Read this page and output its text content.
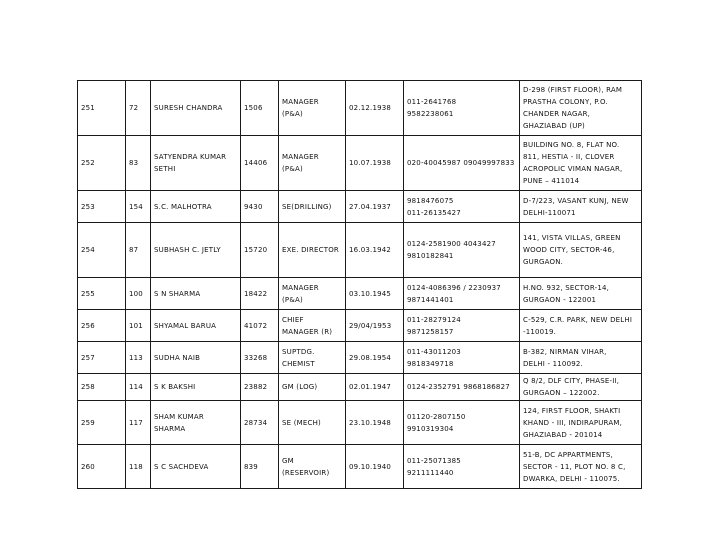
251	72	SURESH CHANDRA	1506	MANAGER
(P&A)	02.12.1938	011-2641768
9582238061	D-298 (FIRST FLOOR), RAM
PRASTHA COLONY, P.O.
CHANDER NAGAR,
GHAZIABAD (UP)
252	83	SATYENDRA KUMAR
SETHI	14406	MANAGER
(P&A)	10.07.1938	020-40045987 09049997833	BUILDING NO. 8, FLAT NO.
811, HESTIA - II, CLOVER
ACROPOLIC VIMAN NAGAR,
PUNE – 411014
253	154	S.C. MALHOTRA	9430	SE(DRILLING)	27.04.1937	9818476075
011-26135427	D-7/223, VASANT KUNJ, NEW
DELHI-110071
254	87	SUBHASH C. JETLY	15720	EXE. DIRECTOR	16.03.1942	0124-2581900 4043427
9810182841	141, VISTA VILLAS, GREEN
WOOD CITY, SECTOR-46,
GURGAON.
255	100	S N SHARMA	18422	MANAGER
(P&A)	03.10.1945	0124-4086396 / 2230937
9871441401	H.NO. 932, SECTOR-14,
GURGAON - 122001
256	101	SHYAMAL BARUA	41072	CHIEF
MANAGER (R)	29/04/1953	011-28279124
9871258157	C-529, C.R. PARK, NEW DELHI
-110019.
257	113	SUDHA NAIB	33268	SUPTDG.
CHEMIST	29.08.1954	011-43011203
9818349718	B-382, NIRMAN VIHAR,
DELHI - 110092.
258	114	S K BAKSHI	23882	GM (LOG)	02.01.1947	0124-2352791 9868186827	Q 8/2, DLF CITY, PHASE-II,
GURGAON – 122002.
259	117	SHAM KUMAR
SHARMA	28734	SE (MECH)	23.10.1948	01120-2807150
9910319304	124, FIRST FLOOR, SHAKTI
KHAND - III, INDIRAPURAM,
GHAZIABAD - 201014
260	118	S C SACHDEVA	839	GM
(RESERVOIR)	09.10.1940	011-25071385
9211111440	51-B, DC APPARTMENTS,
SECTOR - 11, PLOT NO. 8 C,
DWARKA, DELHI - 110075.
